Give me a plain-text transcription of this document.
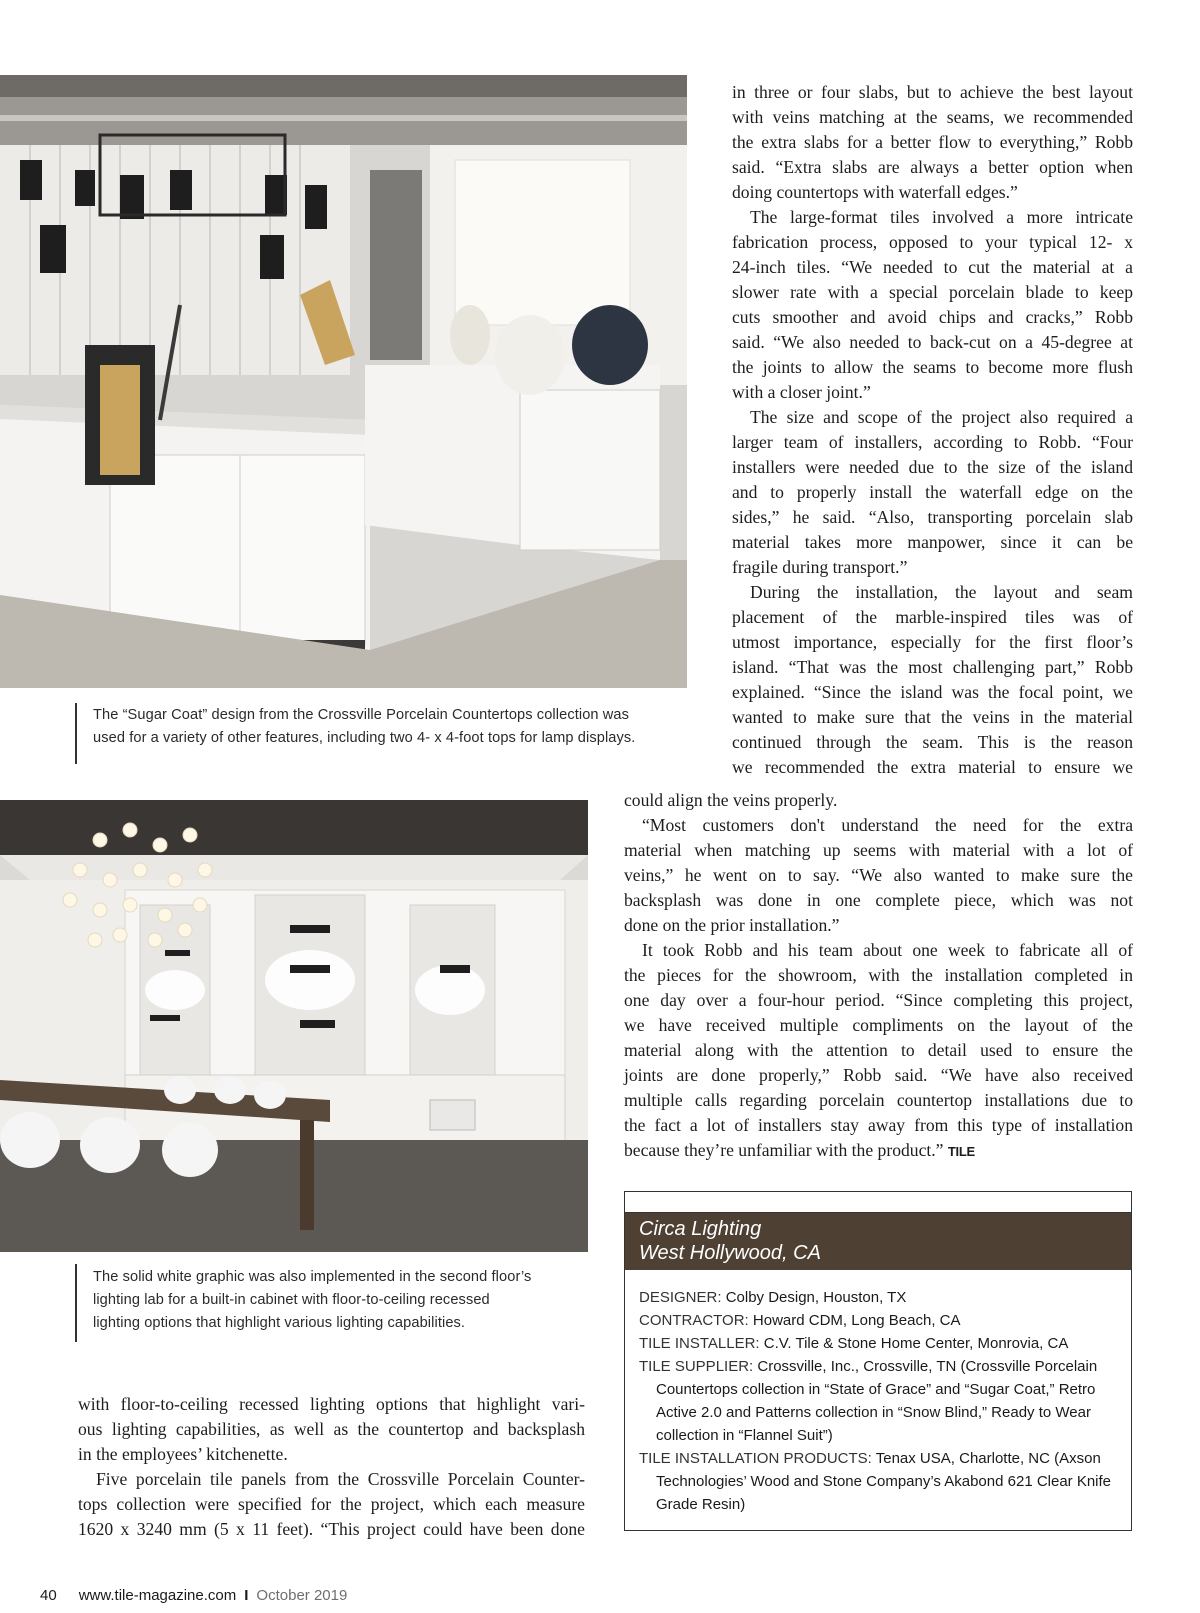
The “Sugar Coat” design from the Crossville Porcelain Countertops collection was
used for a variety of other features, including two 4- x 4-foot tops for lamp displays.
The solid white graphic was also implemented in the second floor’s
lighting lab for a built-in cabinet with floor-to-ceiling recessed
lighting options that highlight various lighting capabilities.
in three or four slabs, but to achieve the best layout
with veins matching at the seams, we recommended
the extra slabs for a better flow to everything,” Robb
said. “Extra slabs are always a better option when
doing countertops with waterfall edges.”
The large-format tiles involved a more intricate
fabrication process, opposed to your typical 12- x
24-inch tiles. “We needed to cut the material at a
slower rate with a special porcelain blade to keep
cuts smoother and avoid chips and cracks,” Robb
said. “We also needed to back-cut on a 45-degree at
the joints to allow the seams to become more flush
with a closer joint.”
The size and scope of the project also required a
larger team of installers, according to Robb. “Four
installers were needed due to the size of the island
and to properly install the waterfall edge on the
sides,” he said. “Also, transporting porcelain slab
material takes more manpower, since it can be
fragile during transport.”
During the installation, the layout and seam
placement of the marble-inspired tiles was of
utmost importance, especially for the first floor’s
island. “That was the most challenging part,” Robb
explained. “Since the island was the focal point, we
wanted to make sure that the veins in the material
continued through the seam. This is the reason
we recommended the extra material to ensure we
could align the veins properly.
“Most customers don't understand the need for the extra
material when matching up seems with material with a lot of
veins,” he went on to say. “We also wanted to make sure the
backsplash was done in one complete piece, which was not
done on the prior installation.”
It took Robb and his team about one week to fabricate all of
the pieces for the showroom, with the installation completed in
one day over a four-hour period. “Since completing this project,
we have received multiple compliments on the layout of the
material along with the attention to detail used to ensure the
joints are done properly,” Robb said. “We have also received
multiple calls regarding porcelain countertop installations due to
the fact a lot of installers stay away from this type of installation
because they’re unfamiliar with the product.” TILE
with floor-to-ceiling recessed lighting options that highlight vari-
ous lighting capabilities, as well as the countertop and backsplash
in the employees’ kitchenette.
Five porcelain tile panels from the Crossville Porcelain Counter-
tops collection were specified for the project, which each measure
1620 x 3240 mm (5 x 11 feet). “This project could have been done
Circa Lighting
West Hollywood, CA
DESIGNER: Colby Design, Houston, TX
CONTRACTOR: Howard CDM, Long Beach, CA
TILE INSTALLER: C.V. Tile & Stone Home Center, Monrovia, CA
TILE SUPPLIER: Crossville, Inc., Crossville, TN (Crossville Porcelain Countertops collection in “State of Grace” and “Sugar Coat,” Retro Active 2.0 and Patterns collection in “Snow Blind,” Ready to Wear collection in “Flannel Suit”)
TILE INSTALLATION PRODUCTS: Tenax USA, Charlotte, NC (Axson Technologies’ Wood and Stone Company’s Akabond 621 Clear Knife Grade Resin)
40 www.tile-magazine.com I October 2019
